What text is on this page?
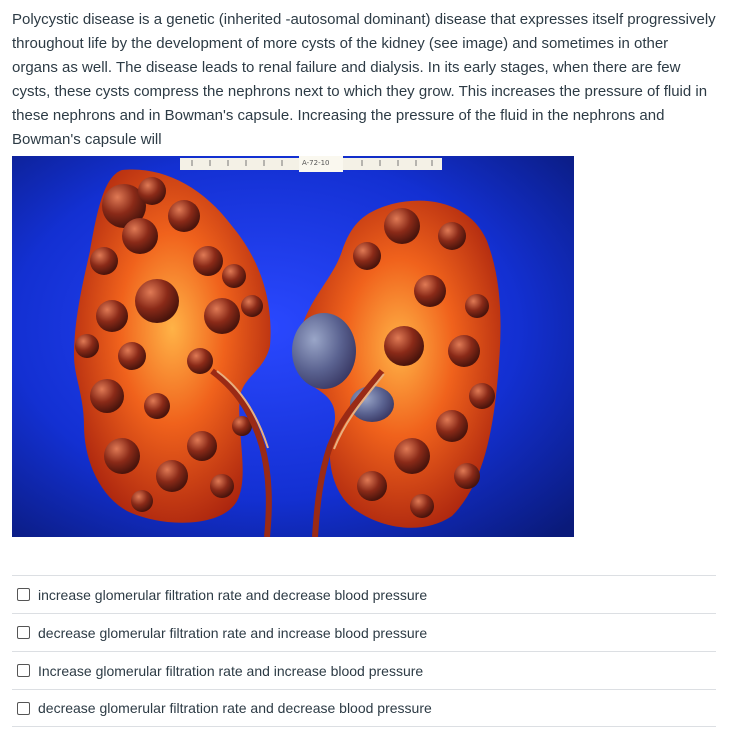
Polycystic disease is a genetic (inherited -autosomal dominant) disease that expresses itself progressively throughout life by the development of more cysts of the kidney (see image) and sometimes in other organs as well. The disease leads to renal failure and dialysis. In its early stages, when there are few cysts, these cysts compress the nephrons next to which they grow. This increases the pressure of fluid in these nephrons and in Bowman's capsule. Increasing the pressure of the fluid in the nephrons and Bowman's capsule will
A-72-10
increase glomerular filtration rate and decrease blood pressure
decrease glomerular filtration rate and increase blood pressure
Increase glomerular filtration rate and increase blood pressure
decrease glomerular filtration rate and decrease blood pressure
